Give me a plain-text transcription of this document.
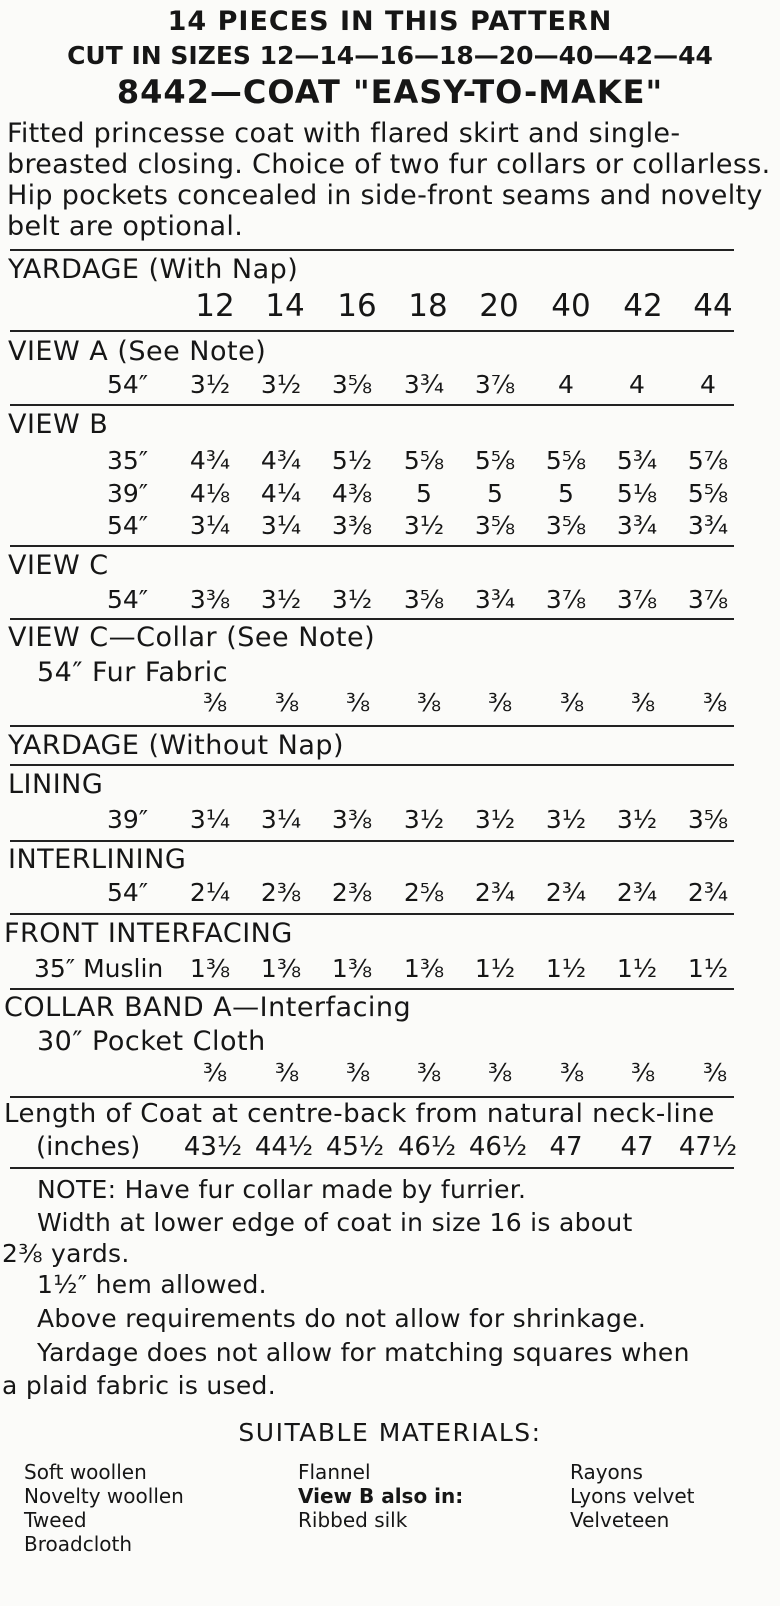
14 PIECES IN THIS PATTERN
CUT IN SIZES 12—14—16—18—20—40—42—44
8442—COAT "EASY-TO-MAKE"
Fitted princesse coat with flared skirt and single-breasted closing. Choice of two fur collars or collarless. Hip pockets concealed in side-front seams and novelty belt are optional.
YARDAGE (With Nap)
12 14 16 18 20 40 42 44
VIEW A (See Note)
54″ 3½ 3½ 3⅝ 3¾ 3⅞ 4 4 4
VIEW B
35″ 4¾ 4¾ 5½ 5⅝ 5⅝ 5⅝ 5¾ 5⅞
39″ 4⅛ 4¼ 4⅜ 5 5 5 5⅛ 5⅝
54″ 3¼ 3¼ 3⅜ 3½ 3⅝ 3⅝ 3¾ 3¾
VIEW C
54″ 3⅜ 3½ 3½ 3⅝ 3¾ 3⅞ 3⅞ 3⅞
VIEW C—Collar (See Note)
54″ Fur Fabric
⅜ ⅜ ⅜ ⅜ ⅜ ⅜ ⅜ ⅜
YARDAGE (Without Nap)
LINING
39″ 3¼ 3¼ 3⅜ 3½ 3½ 3½ 3½ 3⅝
INTERLINING
54″ 2¼ 2⅜ 2⅜ 2⅝ 2¾ 2¾ 2¾ 2¾
FRONT INTERFACING
35″ Muslin 1⅜ 1⅜ 1⅜ 1⅜ 1½ 1½ 1½ 1½
COLLAR BAND A—Interfacing
30″ Pocket Cloth
⅜ ⅜ ⅜ ⅜ ⅜ ⅜ ⅜ ⅜
Length of Coat at centre-back from natural neck-line
(inches) 43½ 44½ 45½ 46½ 46½ 47 47 47½
NOTE: Have fur collar made by furrier.
Width at lower edge of coat in size 16 is about
2⅜ yards.
1½″ hem allowed.
Above requirements do not allow for shrinkage.
Yardage does not allow for matching squares when
a plaid fabric is used.
SUITABLE MATERIALS:
Soft woollen
Novelty woollen
Tweed
Broadcloth
Flannel
View B also in:
Ribbed silk
Rayons
Lyons velvet
Velveteen
